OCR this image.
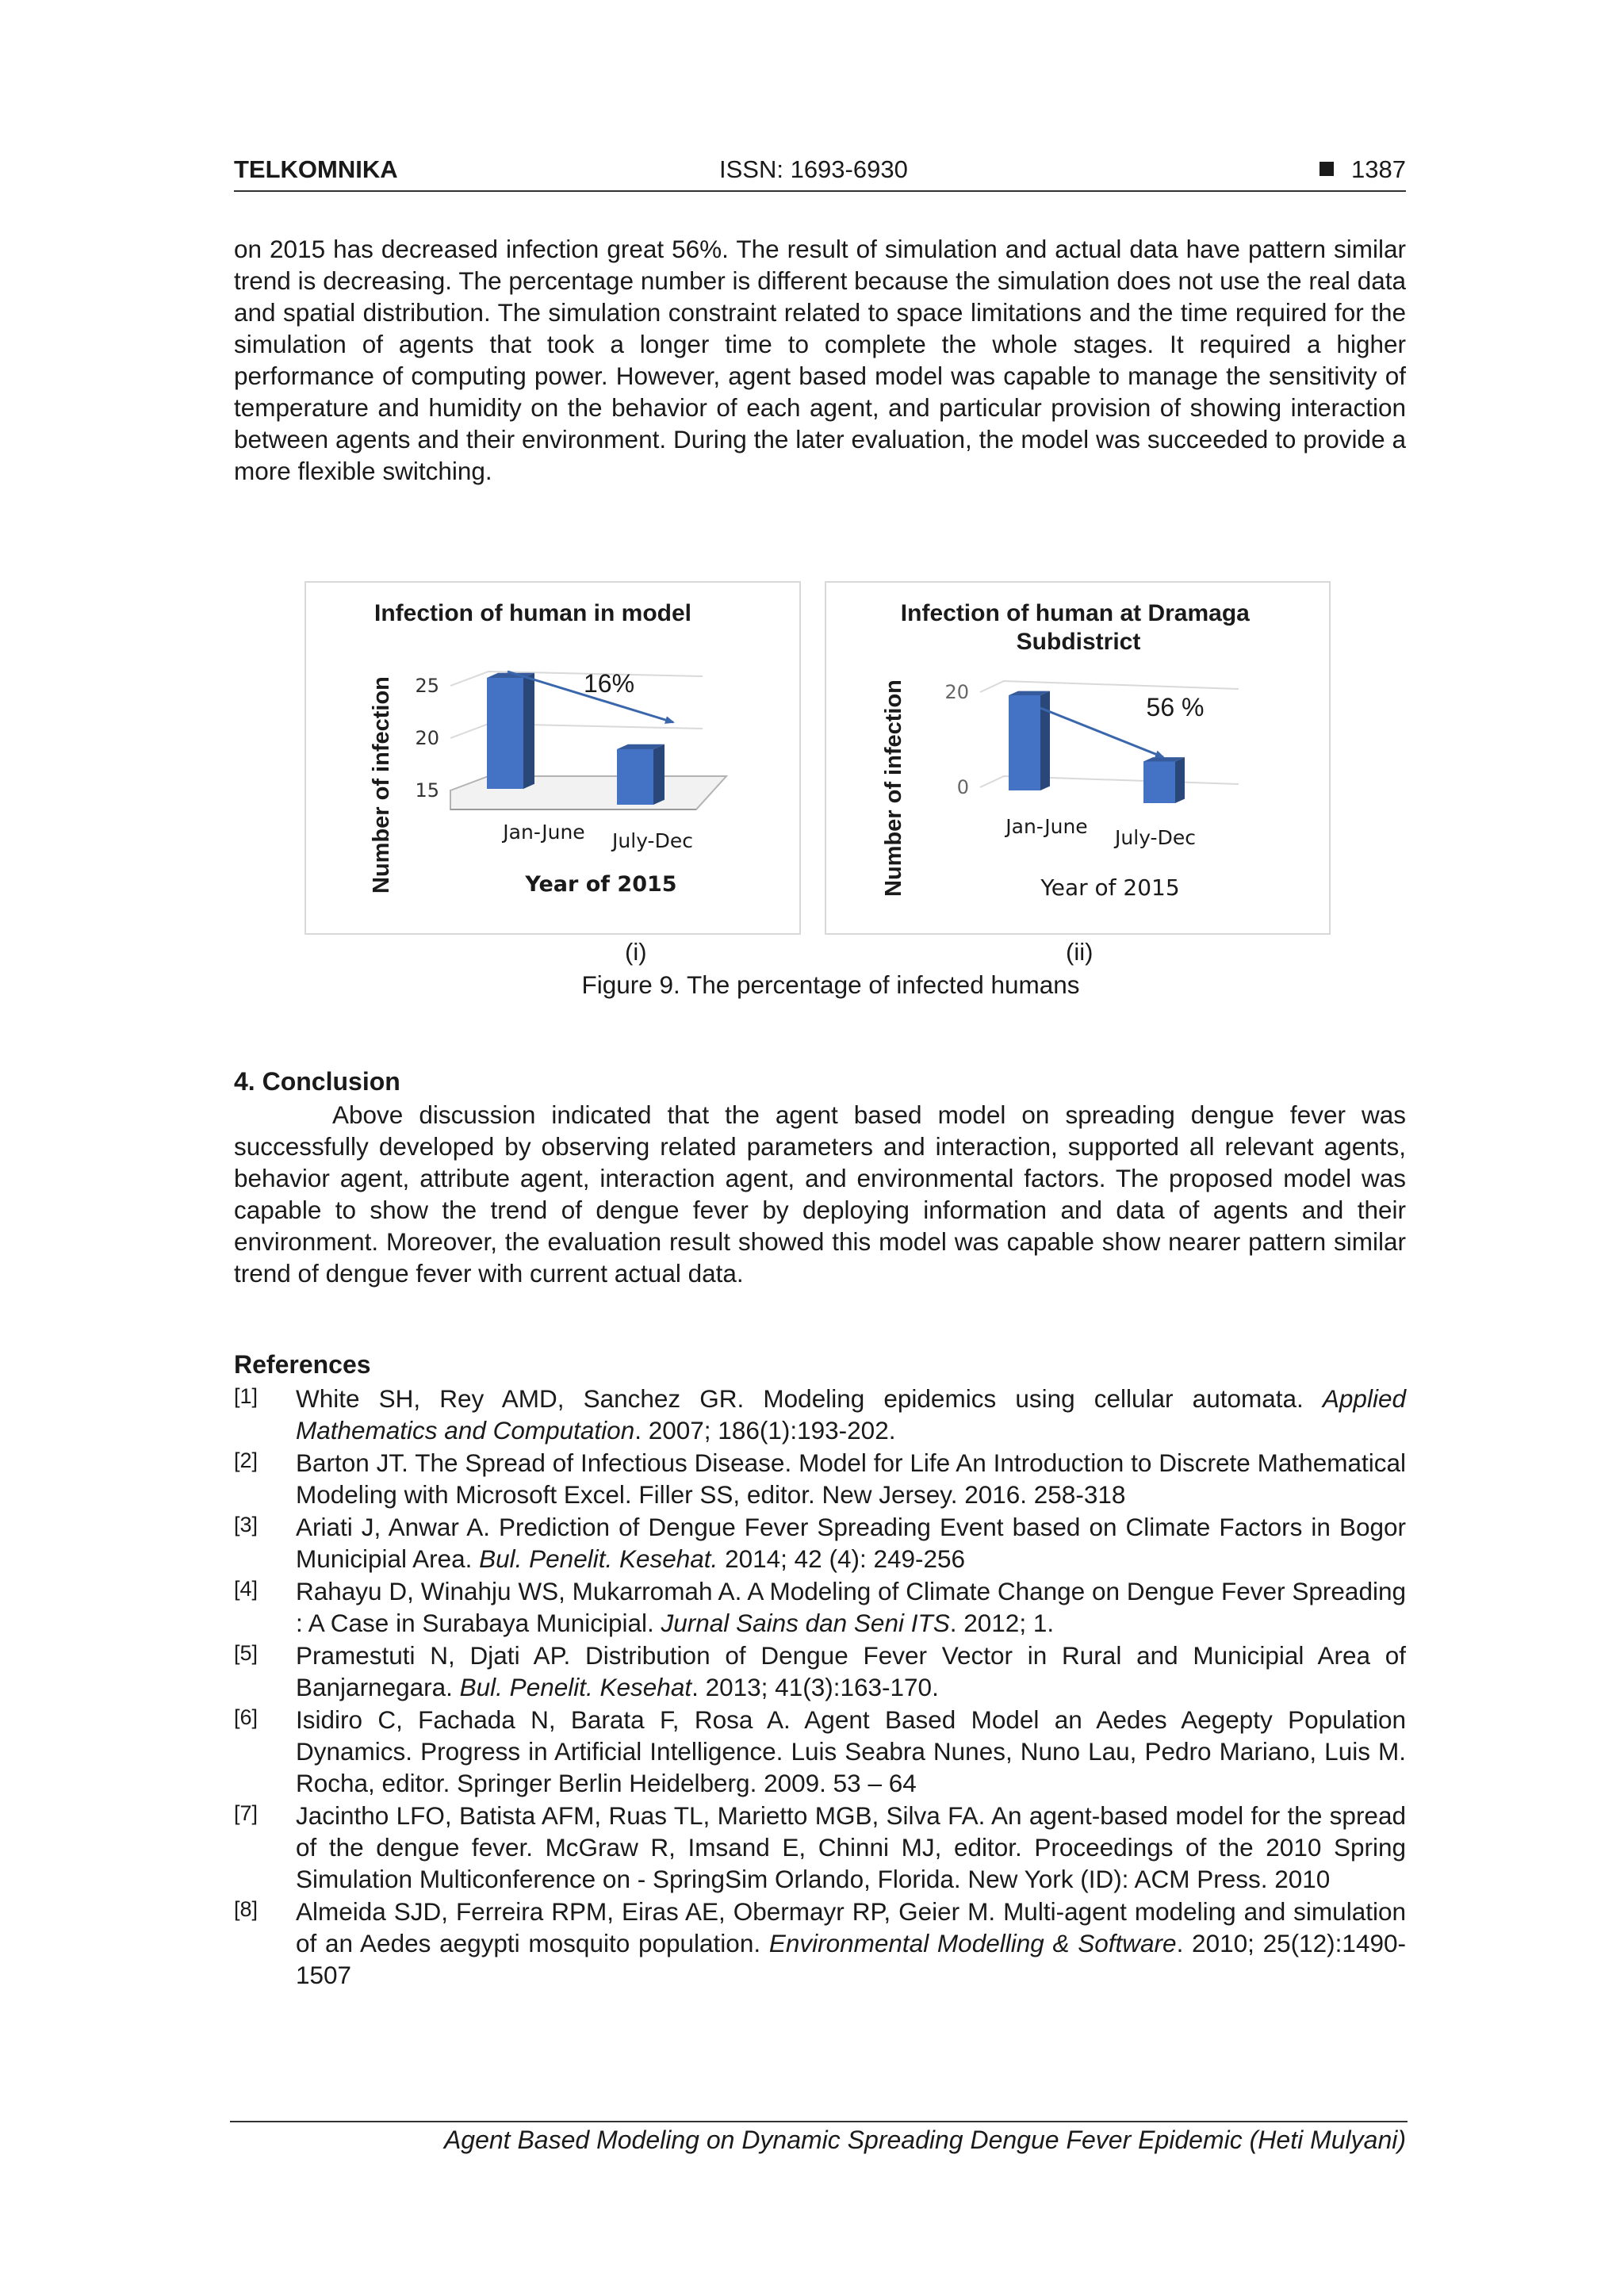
TELKOMNIKA	ISSN: 1693-6930	1387
on 2015 has decreased infection great 56%. The result of simulation and actual data have pattern similar trend is decreasing. The percentage number is different because the simulation does not use the real data and spatial distribution. The simulation constraint related to space limitations and the time required for the simulation of agents that took a longer time to complete the whole stages. It required a higher performance of computing power. However, agent based model was capable to manage the sensitivity of temperature and humidity on the behavior of each agent, and particular provision of showing interaction between agents and their environment. During the later evaluation, the model was succeeded to provide a more flexible switching.
Infection of human in model
Number of infection 25
20
15
16%
Jan-June July-Dec
Year of 2015
Infection of human at Dramaga Subdistrict
Number of infection 20
0
56 %
Jan-June July-Dec
Year of 2015
(i)	(ii)
Figure 9. The percentage of infected humans
4. Conclusion
Above discussion indicated that the agent based model on spreading dengue fever was successfully developed by observing related parameters and interaction, supported all relevant agents, behavior agent, attribute agent, interaction agent, and environmental factors. The proposed model was capable to show the trend of dengue fever by deploying information and data of agents and their environment. Moreover, the evaluation result showed this model was capable show nearer pattern similar trend of dengue fever with current actual data.
References
[1] White SH, Rey AMD, Sanchez GR. Modeling epidemics using cellular automata. Applied Mathematics and Computation. 2007; 186(1):193-202.
[2] Barton JT. The Spread of Infectious Disease. Model for Life An Introduction to Discrete Mathematical Modeling with Microsoft Excel. Filler SS, editor. New Jersey. 2016. 258-318
[3] Ariati J, Anwar A. Prediction of Dengue Fever Spreading Event based on Climate Factors in Bogor Municipial Area. Bul. Penelit. Kesehat. 2014; 42 (4): 249-256
[4] Rahayu D, Winahju WS, Mukarromah A. A Modeling of Climate Change on Dengue Fever Spreading : A Case in Surabaya Municipial. Jurnal Sains dan Seni ITS. 2012; 1.
[5] Pramestuti N, Djati AP. Distribution of Dengue Fever Vector in Rural and Municipial Area of Banjarnegara. Bul. Penelit. Kesehat. 2013; 41(3):163-170.
[6] Isidiro C, Fachada N, Barata F, Rosa A. Agent Based Model an Aedes Aegepty Population Dynamics. Progress in Artificial Intelligence. Luis Seabra Nunes, Nuno Lau, Pedro Mariano, Luis M. Rocha, editor. Springer Berlin Heidelberg. 2009. 53 – 64
[7] Jacintho LFO, Batista AFM, Ruas TL, Marietto MGB, Silva FA. An agent-based model for the spread of the dengue fever. McGraw R, Imsand E, Chinni MJ, editor. Proceedings of the 2010 Spring Simulation Multiconference on - SpringSim Orlando, Florida. New York (ID): ACM Press. 2010
[8] Almeida SJD, Ferreira RPM, Eiras AE, Obermayr RP, Geier M. Multi-agent modeling and simulation of an Aedes aegypti mosquito population. Environmental Modelling & Software. 2010; 25(12):1490-1507
Agent Based Modeling on Dynamic Spreading Dengue Fever Epidemic (Heti Mulyani)
